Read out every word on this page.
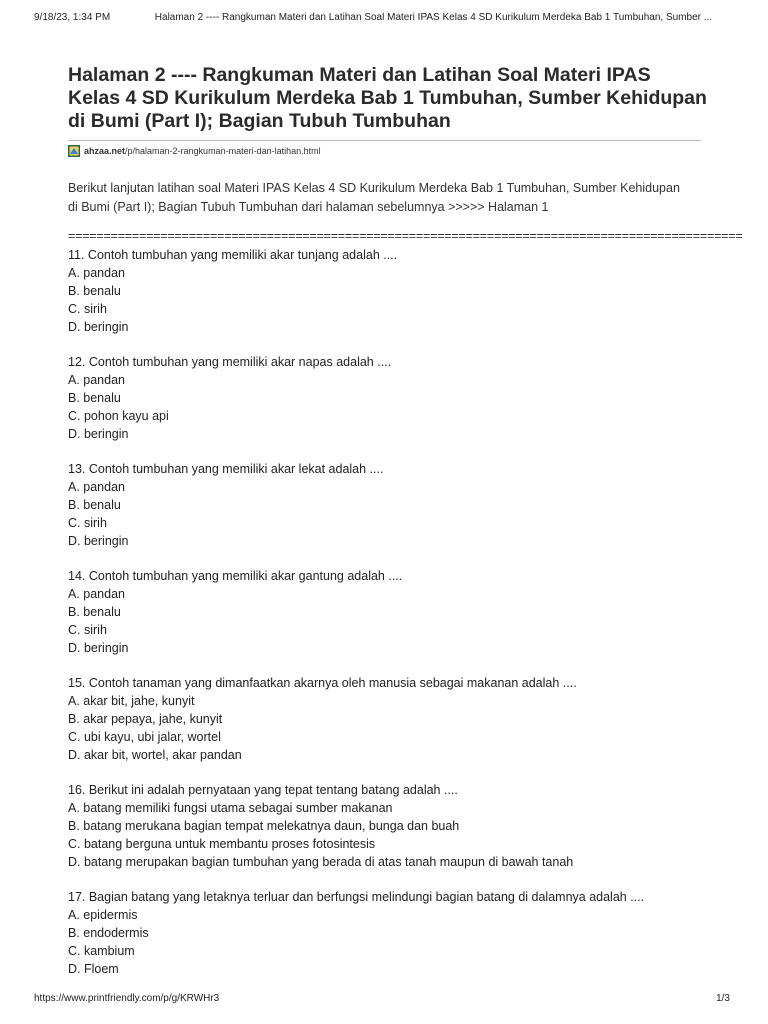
9/18/23, 1:34 PM	Halaman 2 ---- Rangkuman Materi dan Latihan Soal Materi IPAS Kelas 4 SD Kurikulum Merdeka Bab 1 Tumbuhan, Sumber ...
Halaman 2 ---- Rangkuman Materi dan Latihan Soal Materi IPAS Kelas 4 SD Kurikulum Merdeka Bab 1 Tumbuhan, Sumber Kehidupan di Bumi (Part I); Bagian Tubuh Tumbuhan
ahzaa.net/p/halaman-2-rangkuman-materi-dan-latihan.html

Berikut lanjutan latihan soal Materi IPAS Kelas 4 SD Kurikulum Merdeka Bab 1 Tumbuhan, Sumber Kehidupan di Bumi (Part I); Bagian Tubuh Tumbuhan dari halaman sebelumnya >>>>> Halaman 1

===============================================================================================
11. Contoh tumbuhan yang memiliki akar tunjang adalah ....
A. pandan
B. benalu
C. sirih
D. beringin
12. Contoh tumbuhan yang memiliki akar napas adalah ....
A. pandan
B. benalu
C. pohon kayu api
D. beringin
13. Contoh tumbuhan yang memiliki akar lekat adalah ....
A. pandan
B. benalu
C. sirih
D. beringin
14. Contoh tumbuhan yang memiliki akar gantung adalah ....
A. pandan
B. benalu
C. sirih
D. beringin
15. Contoh tanaman yang dimanfaatkan akarnya oleh manusia sebagai makanan adalah ....
A. akar bit, jahe, kunyit
B. akar pepaya, jahe, kunyit
C. ubi kayu, ubi jalar, wortel
D. akar bit, wortel, akar pandan
16. Berikut ini adalah pernyataan yang tepat tentang batang adalah ....
A. batang memiliki fungsi utama sebagai sumber makanan
B. batang merukana bagian tempat melekatnya daun, bunga dan buah
C. batang berguna untuk membantu proses fotosintesis
D. batang merupakan bagian tumbuhan yang berada di atas tanah maupun di bawah tanah
17. Bagian batang yang letaknya terluar dan berfungsi melindungi bagian batang di dalamnya adalah ....
A. epidermis
B. endodermis
C. kambium
D. Floem
https://www.printfriendly.com/p/g/KRWHr3	1/3
